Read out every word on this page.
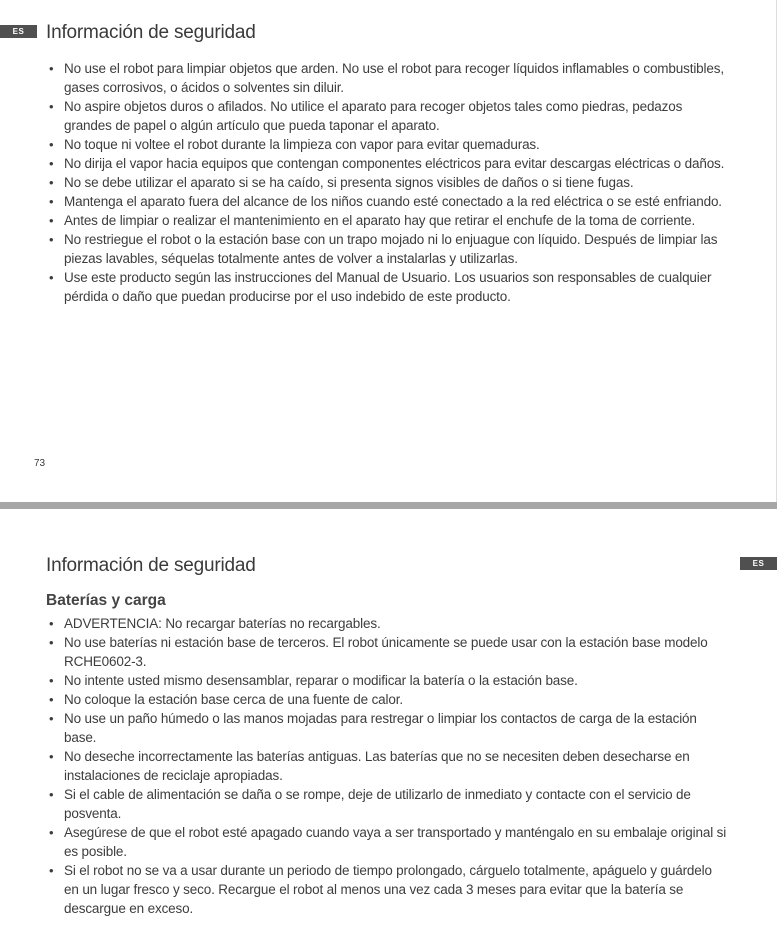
ES	Información de seguridad
• No use el robot para limpiar objetos que arden. No use el robot para recoger líquidos inflamables o combustibles, gases corrosivos, o ácidos o solventes sin diluir.
• No aspire objetos duros o afilados. No utilice el aparato para recoger objetos tales como piedras, pedazos grandes de papel o algún artículo que pueda taponar el aparato.
• No toque ni voltee el robot durante la limpieza con vapor para evitar quemaduras.
• No dirija el vapor hacia equipos que contengan componentes eléctricos para evitar descargas eléctricas o daños.
• No se debe utilizar el aparato si se ha caído, si presenta signos visibles de daños o si tiene fugas.
• Mantenga el aparato fuera del alcance de los niños cuando esté conectado a la red eléctrica o se esté enfriando.
• Antes de limpiar o realizar el mantenimiento en el aparato hay que retirar el enchufe de la toma de corriente.
• No restriegue el robot o la estación base con un trapo mojado ni lo enjuague con líquido. Después de limpiar las piezas lavables, séquelas totalmente antes de volver a instalarlas y utilizarlas.
• Use este producto según las instrucciones del Manual de Usuario. Los usuarios son responsables de cualquier pérdida o daño que puedan producirse por el uso indebido de este producto.
73
ES
Información de seguridad
Baterías y carga
• ADVERTENCIA: No recargar baterías no recargables.
• No use baterías ni estación base de terceros. El robot únicamente se puede usar con la estación base modelo RCHE0602-3.
• No intente usted mismo desensamblar, reparar o modificar la batería o la estación base.
• No coloque la estación base cerca de una fuente de calor.
• No use un paño húmedo o las manos mojadas para restregar o limpiar los contactos de carga de la estación base.
• No deseche incorrectamente las baterías antiguas. Las baterías que no se necesiten deben desecharse en instalaciones de reciclaje apropiadas.
• Si el cable de alimentación se daña o se rompe, deje de utilizarlo de inmediato y contacte con el servicio de posventa.
• Asegúrese de que el robot esté apagado cuando vaya a ser transportado y manténgalo en su embalaje original si es posible.
• Si el robot no se va a usar durante un periodo de tiempo prolongado, cárguelo totalmente, apáguelo y guárdelo en un lugar fresco y seco. Recargue el robot al menos una vez cada 3 meses para evitar que la batería se descargue en exceso.
